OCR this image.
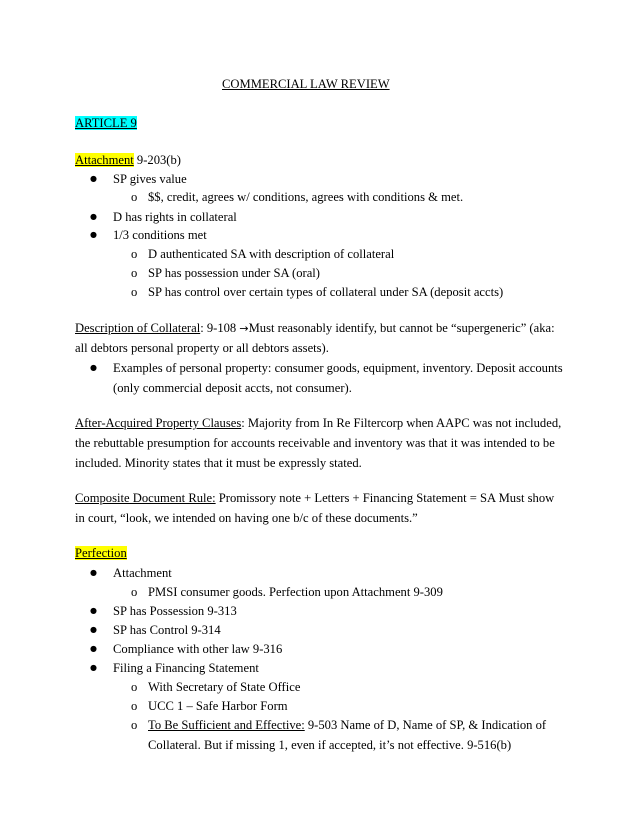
COMMERCIAL LAW REVIEW
ARTICLE 9
Attachment 9-203(b)
● SP gives value
o $$, credit, agrees w/ conditions, agrees with conditions & met.
● D has rights in collateral
● 1/3 conditions met
o D authenticated SA with description of collateral
o SP has possession under SA (oral)
o SP has control over certain types of collateral under SA (deposit accts)
Description of Collateral: 9-108 →Must reasonably identify, but cannot be “supergeneric” (aka:
all debtors personal property or all debtors assets).
● Examples of personal property: consumer goods, equipment, inventory. Deposit accounts
(only commercial deposit accts, not consumer).
After-Acquired Property Clauses: Majority from In Re Filtercorp when AAPC was not included,
the rebuttable presumption for accounts receivable and inventory was that it was intended to be
included. Minority states that it must be expressly stated.
Composite Document Rule: Promissory note + Letters + Financing Statement = SA Must show
in court, “look, we intended on having one b/c of these documents.”
Perfection
● Attachment
o PMSI consumer goods. Perfection upon Attachment 9-309
● SP has Possession 9-313
● SP has Control 9-314
● Compliance with other law 9-316
● Filing a Financing Statement
o With Secretary of State Office
o UCC 1 – Safe Harbor Form
o To Be Sufficient and Effective: 9-503 Name of D, Name of SP, & Indication of
Collateral. But if missing 1, even if accepted, it’s not effective. 9-516(b)
